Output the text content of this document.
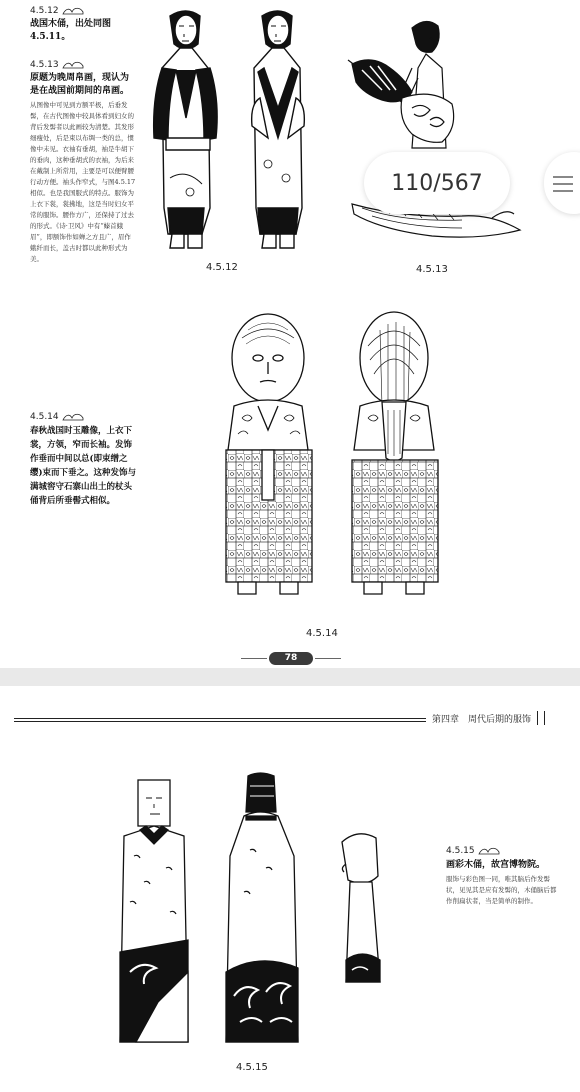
4.5.12

战国木俑，出处同图4.5.11。

4.5.13

原题为晚周帛画，现认为是在战国前期间的帛画。

从图像中可见到方额平极，后垂发髻，在古代图像中较具体看到妇女的背后发髻者以此画较为清楚。其发形细瘦处，后是束以布绸一类的总，惯像中未见。衣袖有垂胡，袖是牛胡下的垂肉，这种垂胡式的衣袖，为后来在戴制上所常用，主要是可以便臂腰行动方便。袖头作窄式，与图4.5.17相似。也是我国服式的特点。服饰为上衣下裳，裳拂地，这是当时妇女平常的服饰。腰作方广，还保持了过去的形式。《诗·卫风》中有“螓首蛾眉”，即额饰作如蝉之方且广，眉作蛾纤而长，盖古时都以此种形式为美。

4.5.14

春秋战国时玉雕像，上衣下裳，方领，窄而长袖。发饰作垂而中间以总(即束缯之缨)束而下垂之。这种发饰与满城窖守石寨山出土的杖头俑背后所垂髻式相似。

4.5.12	4.5.13
4.5.14
78
110/567
第四章　周代后期的服饰
4.5.15
4.5.15

画彩木俑，故宫博物院。

服饰与彩色图一同，唯其脑后作发髻状，见见其是应有发髻的，木俑脑后都作削扁状者，当是简单的制作。
